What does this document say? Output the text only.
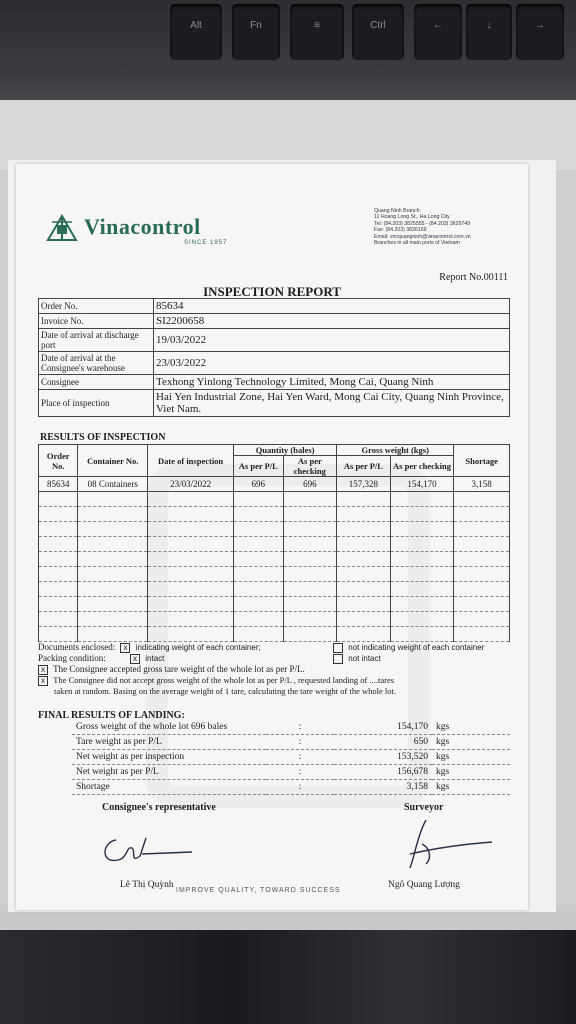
Alt	Fn	≡	Ctrl	←	↓	→
Vinacontrol
SINCE 1957
Quang Ninh Branch:
11 Hoang Long St., Ha Long City
Tel: (84.203) 3825555 - (84.203) 3629749
Fax: (84.203) 3826169
Email: vncquangninh@vinacontrol.com.vn
Branches in all main ports of Vietnam
Report No.00111
INSPECTION REPORT
Order No.	85634
Invoice No.	SI2200658
Date of arrival at discharge port	19/03/2022
Date of arrival at the Consignee's warehouse	23/03/2022
Consignee	Texhong Yinlong Technology Limited, Mong Cai, Quang Ninh
Place of inspection	Hai Yen Industrial Zone, Hai Yen Ward, Mong Cai City, Quang Ninh Province, Viet Nam.
RESULTS OF INSPECTION
Order No.	Container No.	Date of inspection	Quantity (bales)		Gross weight (kgs)		Shortage
			As per P/L	As per checking	As per P/L	As per checking	
85634	08 Containers	23/03/2022	696	696	157,328	154,170	3,158

Documents enclosed: x indicating weight of each container;	not indicating weight of each container
Packing condition:	x intact	not intact
x The Consignee accepted gross tare weight of the whole lot as per P/L.
x The Consignee did not accept gross weight of the whole lot as per P/L , requested landing of ....tares
taken at random. Basing on the average weight of 1 tare, calculating the tare weight of the whole lot.
FINAL RESULTS OF LANDING:
Gross weight of the whole lot 696 bales	:	154,170	kgs
Tare weight as per P/L	:	650	kgs
Net weight as per inspection	:	153,520	kgs
Net weight as per P/L	:	156,678	kgs
Shortage	:	3,158	kgs
Consignee's representative	Surveyor
Lê Thị Quỳnh
IMPROVE QUALITY, TOWARD SUCCESS
Ngô Quang Lượng
